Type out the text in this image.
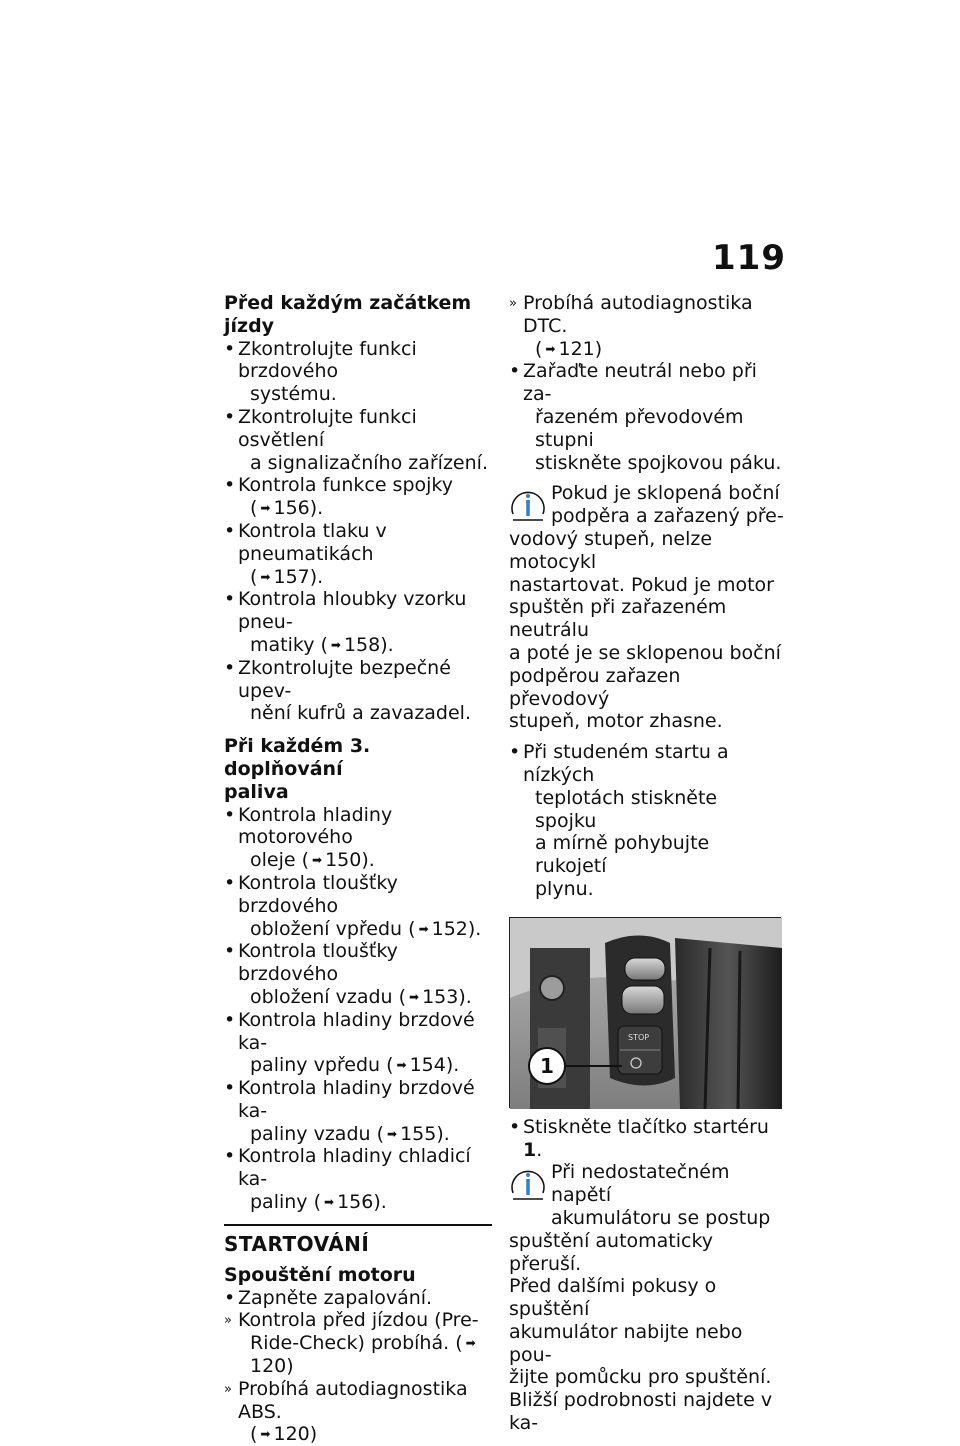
119
Před každým začátkem jízdy
• Zkontrolujte funkci brzdového
systému.
• Zkontrolujte funkci osvětlení
a signalizačního zařízení.
• Kontrola funkce spojky
( ➡ 156).
• Kontrola tlaku v pneumatikách
( ➡ 157).
• Kontrola hloubky vzorku pneu-
matiky ( ➡ 158).
• Zkontrolujte bezpečné upev-
nění kufrů a zavazadel.
Při každém 3. doplňování
paliva
• Kontrola hladiny motorového
oleje ( ➡ 150).
• Kontrola tloušťky brzdového
obložení vpředu ( ➡ 152).
• Kontrola tloušťky brzdového
obložení vzadu ( ➡ 153).
• Kontrola hladiny brzdové ka-
paliny vpředu ( ➡ 154).
• Kontrola hladiny brzdové ka-
paliny vzadu ( ➡ 155).
• Kontrola hladiny chladicí ka-
paliny ( ➡ 156).
STARTOVÁNÍ
Spouštění motoru
• Zapněte zapalování.
» Kontrola před jízdou (Pre-
Ride-Check) probíhá. ( ➡120)
» Probíhá autodiagnostika ABS.
( ➡ 120)
» Probíhá autodiagnostika DTC.
( ➡ 121)
• Zařaďte neutrál nebo při za-
řazeném převodovém stupni
stiskněte spojkovou páku.
Pokud je sklopená boční
podpěra a zařazený pře-
vodový stupeň, nelze motocykl
nastartovat. Pokud je motor
spuštěn při zařazeném neutrálu
a poté je se sklopenou boční
podpěrou zařazen převodový
stupeň, motor zhasne.
• Při studeném startu a nízkých
teplotách stiskněte spojku
a mírně pohybujte rukojetí
plynu.
STOP
1
• Stiskněte tlačítko startéru 1.
Při nedostatečném napětí
akumulátoru se postup
spuštění automaticky přeruší.
Před dalšími pokusy o spuštění
akumulátor nabijte nebo pou-
žijte pomůcku pro spuštění.
Bližší podrobnosti najdete v ka-
